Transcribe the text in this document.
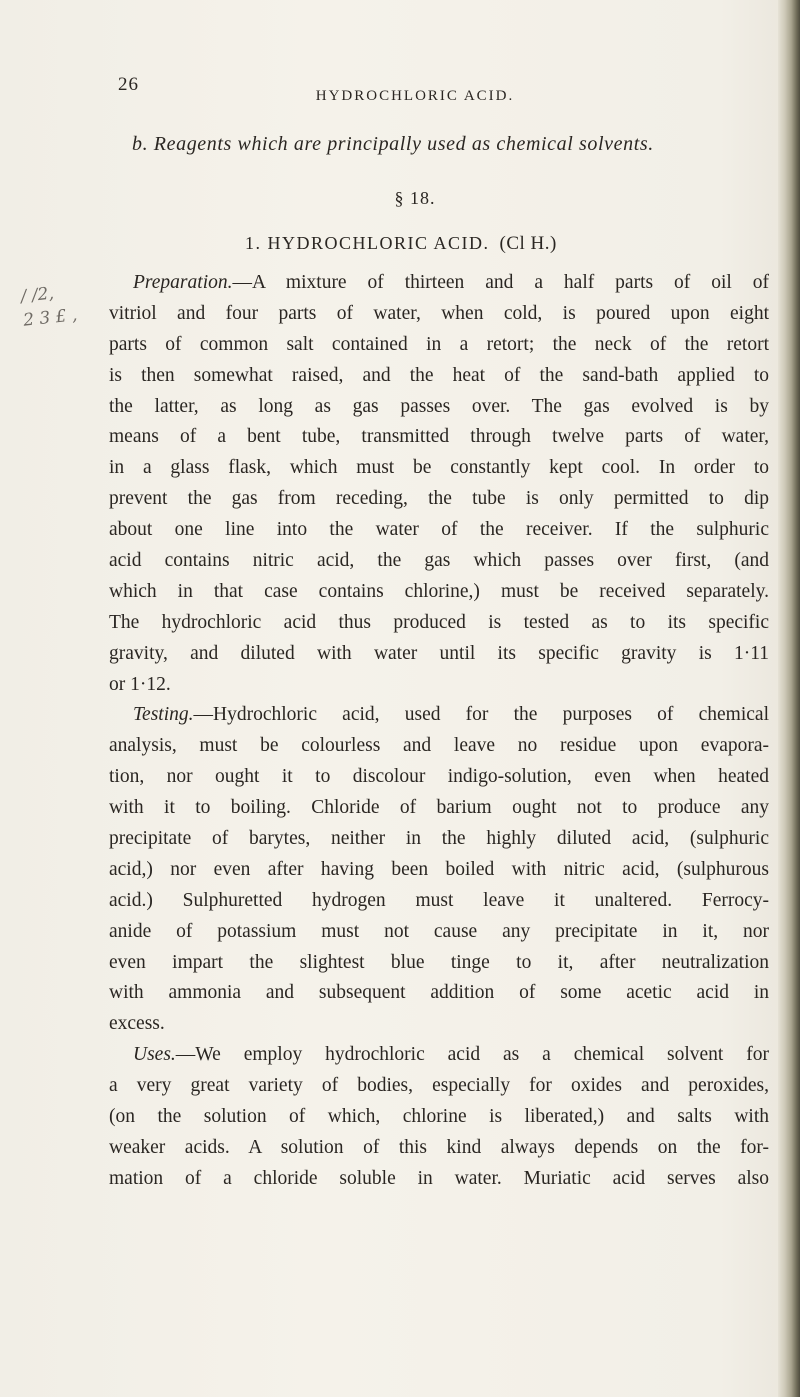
26
HYDROCHLORIC ACID.
b. Reagents which are principally used as chemical solvents.
§ 18.
1. HYDROCHLORIC ACID. (Cl H.)
/ /2,
2 3 £ ,
Preparation.—A mixture of thirteen and a half parts of oil of
vitriol and four parts of water, when cold, is poured upon eight
parts of common salt contained in a retort; the neck of the retort
is then somewhat raised, and the heat of the sand-bath applied to
the latter, as long as gas passes over. The gas evolved is by
means of a bent tube, transmitted through twelve parts of water,
in a glass flask, which must be constantly kept cool. In order to
prevent the gas from receding, the tube is only permitted to dip
about one line into the water of the receiver. If the sulphuric
acid contains nitric acid, the gas which passes over first, (and
which in that case contains chlorine,) must be received separately.
The hydrochloric acid thus produced is tested as to its specific
gravity, and diluted with water until its specific gravity is 1·11
or 1·12.
Testing.—Hydrochloric acid, used for the purposes of chemical
analysis, must be colourless and leave no residue upon evapora-
tion, nor ought it to discolour indigo-solution, even when heated
with it to boiling. Chloride of barium ought not to produce any
precipitate of barytes, neither in the highly diluted acid, (sulphuric
acid,) nor even after having been boiled with nitric acid, (sulphurous
acid.) Sulphuretted hydrogen must leave it unaltered. Ferrocy-
anide of potassium must not cause any precipitate in it, nor
even impart the slightest blue tinge to it, after neutralization
with ammonia and subsequent addition of some acetic acid in
excess.
Uses.—We employ hydrochloric acid as a chemical solvent for
a very great variety of bodies, especially for oxides and peroxides,
(on the solution of which, chlorine is liberated,) and salts with
weaker acids. A solution of this kind always depends on the for-
mation of a chloride soluble in water. Muriatic acid serves also
